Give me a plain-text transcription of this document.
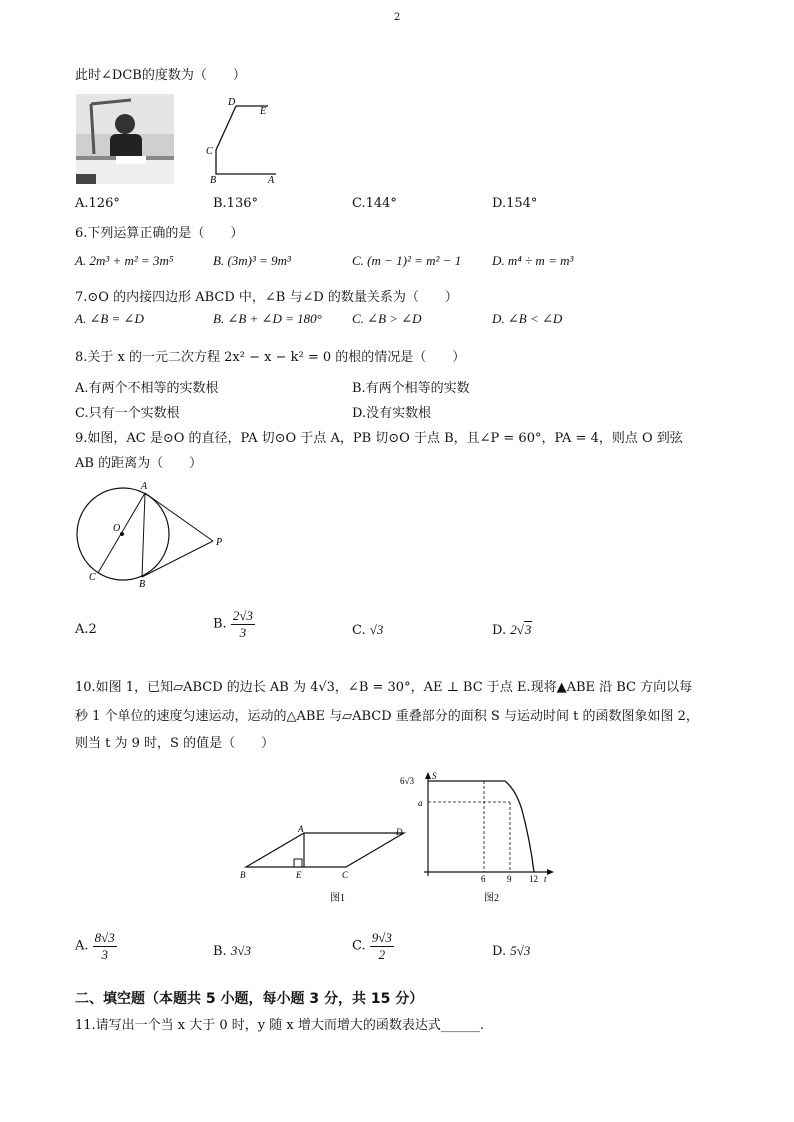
2
此时∠DCB的度数为（　　）
D
E
C
B	A
A.126°	B.136°	C.144°	D.154°
6.下列运算正确的是（　　）
A. 2m³ + m² = 3m⁵	B. (3m)³ = 9m³	C. (m − 1)² = m² − 1 D. m⁴ ÷ m = m³
7.⊙O 的内接四边形 ABCD 中，∠B 与∠D 的数量关系为（　　）
A. ∠B = ∠D	B. ∠B + ∠D = 180° C. ∠B > ∠D	D. ∠B < ∠D
8.关于 x 的一元二次方程 2x² − x − k² = 0 的根的情况是（　　）
A.有两个不相等的实数根	B.有两个相等的实数
C.只有一个实数根	D.没有实数根
9.如图，AC 是⊙O 的直径，PA 切⊙O 于点 A，PB 切⊙O 于点 B，且∠P = 60°，PA = 4，则点 O 到弦
AB 的距离为（　　）
A
O
P
C
B
A.2	B. $\frac{2√3}{3}$	C. √3	D. 2√3
10.如图 1，已知▱ABCD 的边长 AB 为 4√3，∠B = 30°，AE ⊥ BC 于点 E.现将▲ABE 沿 BC 方向以每
秒 1 个单位的速度匀速运动，运动的△ABE 与▱ABCD 重叠部分的面积 S 与运动时间 t 的函数图象如图 2，
则当 t 为 9 时，S 的值是（　　）
A	D
B	E	C
图1
S
6√3
a
6 9 12 t
图2
A. $\frac{8√3}{3}$	B. 3√3	C. $\frac{9√3}{2}$	D. 5√3
二、填空题（本题共 5 小题，每小题 3 分，共 15 分）
11.请写出一个当 x 大于 0 时，y 随 x 增大而增大的函数表达式______.
